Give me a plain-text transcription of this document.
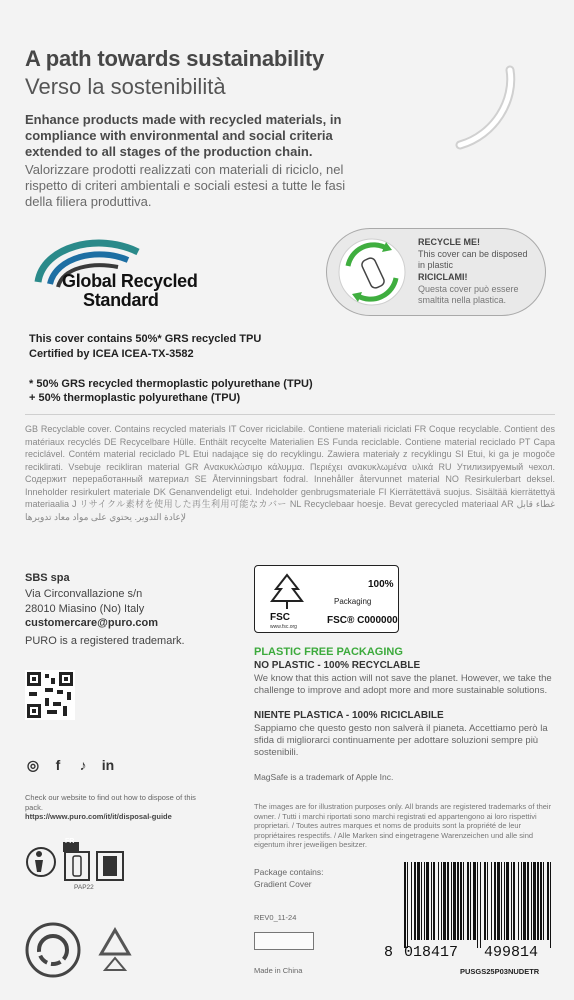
A path towards sustainability
Verso la sostenibilità
Enhance products made with recycled materials, in compliance with environmental and social criteria extended to all stages of the production chain.
Valorizzare prodotti realizzati con materiali di riciclo, nel rispetto di criteri ambientali e sociali estesi a tutte le fasi della filiera produttiva.
Global Recycled
Standard
RECYCLE ME!
This cover can be disposed in plastic
RICICLAMI!
Questa cover può essere smaltita nella plastica.
This cover contains 50%* GRS recycled TPU
Certified by ICEA ICEA-TX-3582
* 50% GRS recycled thermoplastic polyurethane (TPU)
+ 50% thermoplastic polyurethane (TPU)
GB Recyclable cover. Contains recycled materials IT Cover riciclabile. Contiene materiali riciclati FR Coque recyclable. Contient des matériaux recyclés DE Recycelbare Hülle. Enthält recycelte Materialien ES Funda reciclable. Contiene material reciclado PT Capa reciclável. Contém material reciclado PL Etui nadające się do recyklingu. Zawiera materiały z recyklingu SI Etui, ki ga je mogoče reciklirati. Vsebuje recikliran material GR Ανακυκλώσιμο κάλυμμα. Περιέχει ανακυκλωμένα υλικά RU Утилизируемый чехол. Содержит переработанный материал SE Återvinningsbart fodral. Innehåller återvunnet material NO Resirkulerbart deksel. Inneholder resirkulert materiale DK Genanvendeligt etui. Indeholder genbrugsmateriale FI Kierrätettävä suojus. Sisältää kierrätettyä materiaalia J リサイクル素材を使用した再生利用可能なカバー NL Recyclebaar hoesje. Bevat gerecycled materiaal AR غطاء قابل لإعادة التدوير. يحتوي على مواد معاد تدويرها
SBS spa
Via Circonvallazione s/n
28010 Miasino (No) Italy
customercare@puro.com
PURO is a registered trademark.
◎	f	♪	in
Check our website to find out how to dispose of this pack.
https://www.puro.com/it/it/disposal-guide
FR
PAP22
FSC
www.fsc.org
100%
Packaging
FSC® C000000
PLASTIC FREE PACKAGING
NO PLASTIC - 100% RECYCLABLE
We know that this action will not save the planet. However, we take the challenge to improve and adopt more and more sustainable solutions.
NIENTE PLASTICA - 100% RICICLABILE
Sappiamo che questo gesto non salverà il pianeta. Accettiamo però la sfida di migliorarci continuamente per adottare soluzioni sempre più sostenibili.
MagSafe is a trademark of Apple Inc.
The images are for illustration purposes only. All brands are registered trademarks of their owner. / Tutti i marchi riportati sono marchi registrati ed appartengono ai loro rispettivi proprietari. / Toutes autres marques et noms de produits sont la propriété de leur propriétaires respectifs. / Alle Marken sind eingetragene Warenzeichen und alle sind eigentum ihrer jeweiligen besitzer.
Package contains:
Gradient Cover
REV0_11-24
Made in China
8 018417 499814
PUSGS25P03NUDETR
